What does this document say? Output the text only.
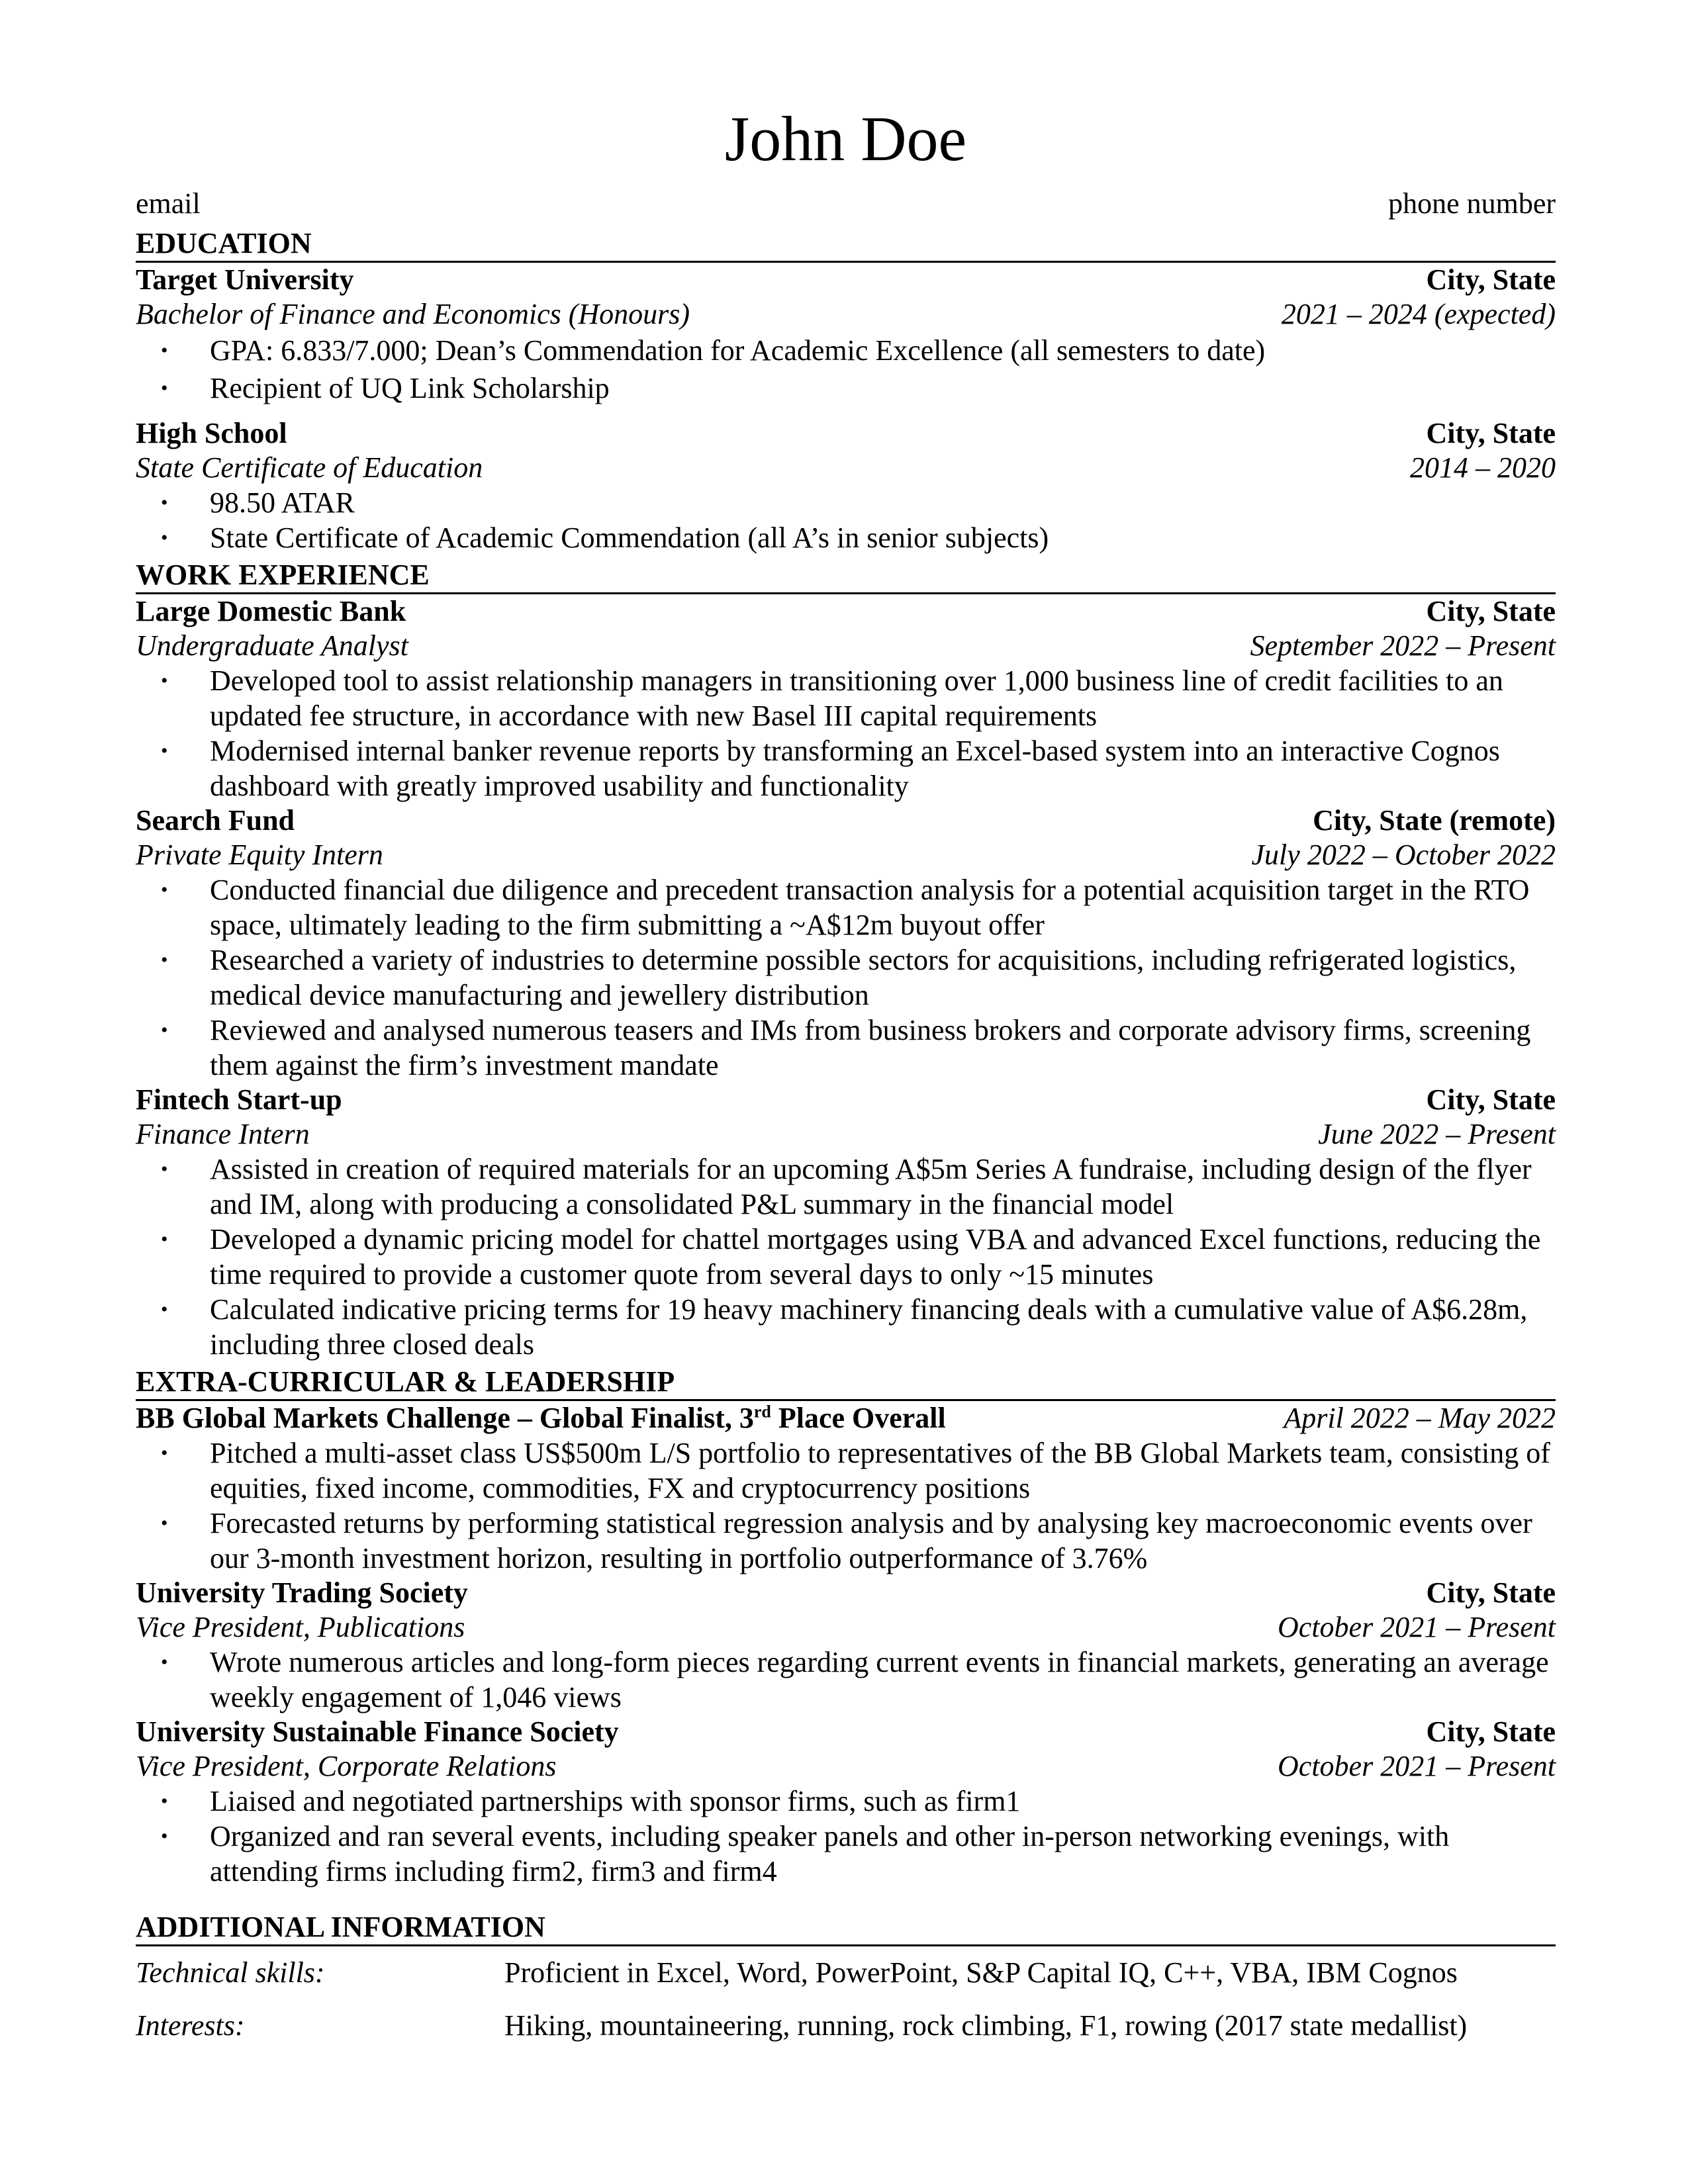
John Doe
email	phone number
EDUCATION
Target University	City, State
Bachelor of Finance and Economics (Honours)	2021 – 2024 (expected)
• GPA: 6.833/7.000; Dean’s Commendation for Academic Excellence (all semesters to date)
• Recipient of UQ Link Scholarship
High School	City, State
State Certificate of Education	2014 – 2020
• 98.50 ATAR
• State Certificate of Academic Commendation (all A’s in senior subjects)
WORK EXPERIENCE
Large Domestic Bank	City, State
Undergraduate Analyst	September 2022 – Present
• Developed tool to assist relationship managers in transitioning over 1,000 business line of credit facilities to an updated fee structure, in accordance with new Basel III capital requirements
• Modernised internal banker revenue reports by transforming an Excel-based system into an interactive Cognos dashboard with greatly improved usability and functionality
Search Fund	City, State (remote)
Private Equity Intern	July 2022 – October 2022
• Conducted financial due diligence and precedent transaction analysis for a potential acquisition target in the RTO space, ultimately leading to the firm submitting a ~A$12m buyout offer
• Researched a variety of industries to determine possible sectors for acquisitions, including refrigerated logistics, medical device manufacturing and jewellery distribution
• Reviewed and analysed numerous teasers and IMs from business brokers and corporate advisory firms, screening them against the firm’s investment mandate
Fintech Start-up	City, State
Finance Intern	June 2022 – Present
• Assisted in creation of required materials for an upcoming A$5m Series A fundraise, including design of the flyer and IM, along with producing a consolidated P&L summary in the financial model
• Developed a dynamic pricing model for chattel mortgages using VBA and advanced Excel functions, reducing the time required to provide a customer quote from several days to only ~15 minutes
• Calculated indicative pricing terms for 19 heavy machinery financing deals with a cumulative value of A$6.28m, including three closed deals
EXTRA-CURRICULAR & LEADERSHIP
BB Global Markets Challenge – Global Finalist, 3rd Place Overall	April 2022 – May 2022
• Pitched a multi-asset class US$500m L/S portfolio to representatives of the BB Global Markets team, consisting of equities, fixed income, commodities, FX and cryptocurrency positions
• Forecasted returns by performing statistical regression analysis and by analysing key macroeconomic events over our 3-month investment horizon, resulting in portfolio outperformance of 3.76%
University Trading Society	City, State
Vice President, Publications	October 2021 – Present
• Wrote numerous articles and long-form pieces regarding current events in financial markets, generating an average weekly engagement of 1,046 views
University Sustainable Finance Society	City, State
Vice President, Corporate Relations	October 2021 – Present
• Liaised and negotiated partnerships with sponsor firms, such as firm1
• Organized and ran several events, including speaker panels and other in-person networking evenings, with attending firms including firm2, firm3 and firm4
ADDITIONAL INFORMATION
Technical skills:	Proficient in Excel, Word, PowerPoint, S&P Capital IQ, C++, VBA, IBM Cognos
Interests:	Hiking, mountaineering, running, rock climbing, F1, rowing (2017 state medallist)
